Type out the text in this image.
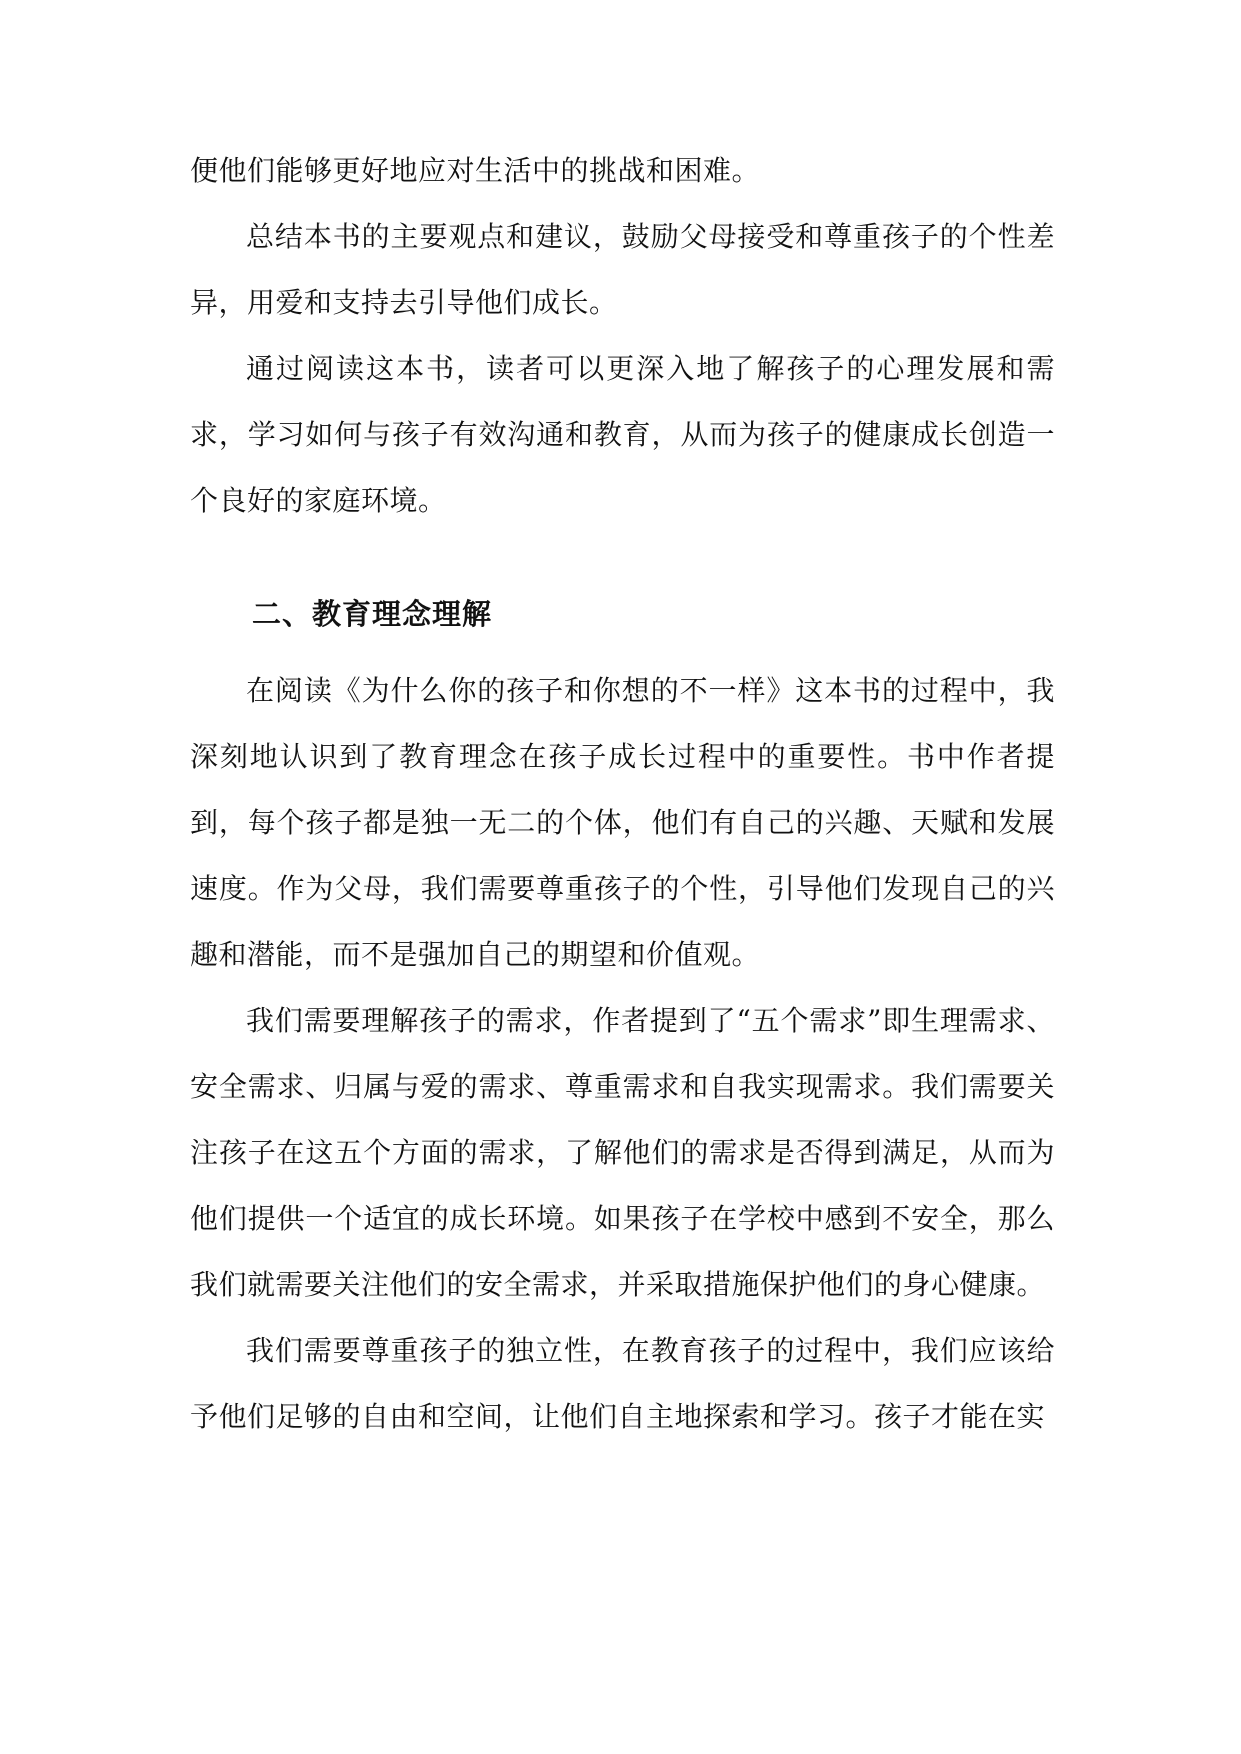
便他们能够更好地应对生活中的挑战和困难。

总结本书的主要观点和建议，鼓励父母接受和尊重孩子的个性差异，用爱和支持去引导他们成长。

通过阅读这本书，读者可以更深入地了解孩子的心理发展和需求，学习如何与孩子有效沟通和教育，从而为孩子的健康成长创造一个良好的家庭环境。

二、教育理念理解

在阅读《为什么你的孩子和你想的不一样》这本书的过程中，我深刻地认识到了教育理念在孩子成长过程中的重要性。书中作者提到，每个孩子都是独一无二的个体，他们有自己的兴趣、天赋和发展速度。作为父母，我们需要尊重孩子的个性，引导他们发现自己的兴趣和潜能，而不是强加自己的期望和价值观。

我们需要理解孩子的需求，作者提到了“五个需求”即生理需求、安全需求、归属与爱的需求、尊重需求和自我实现需求。我们需要关注孩子在这五个方面的需求，了解他们的需求是否得到满足，从而为他们提供一个适宜的成长环境。如果孩子在学校中感到不安全，那么我们就需要关注他们的安全需求，并采取措施保护他们的身心健康。

我们需要尊重孩子的独立性，在教育孩子的过程中，我们应该给予他们足够的自由和空间，让他们自主地探索和学习。孩子才能在实
